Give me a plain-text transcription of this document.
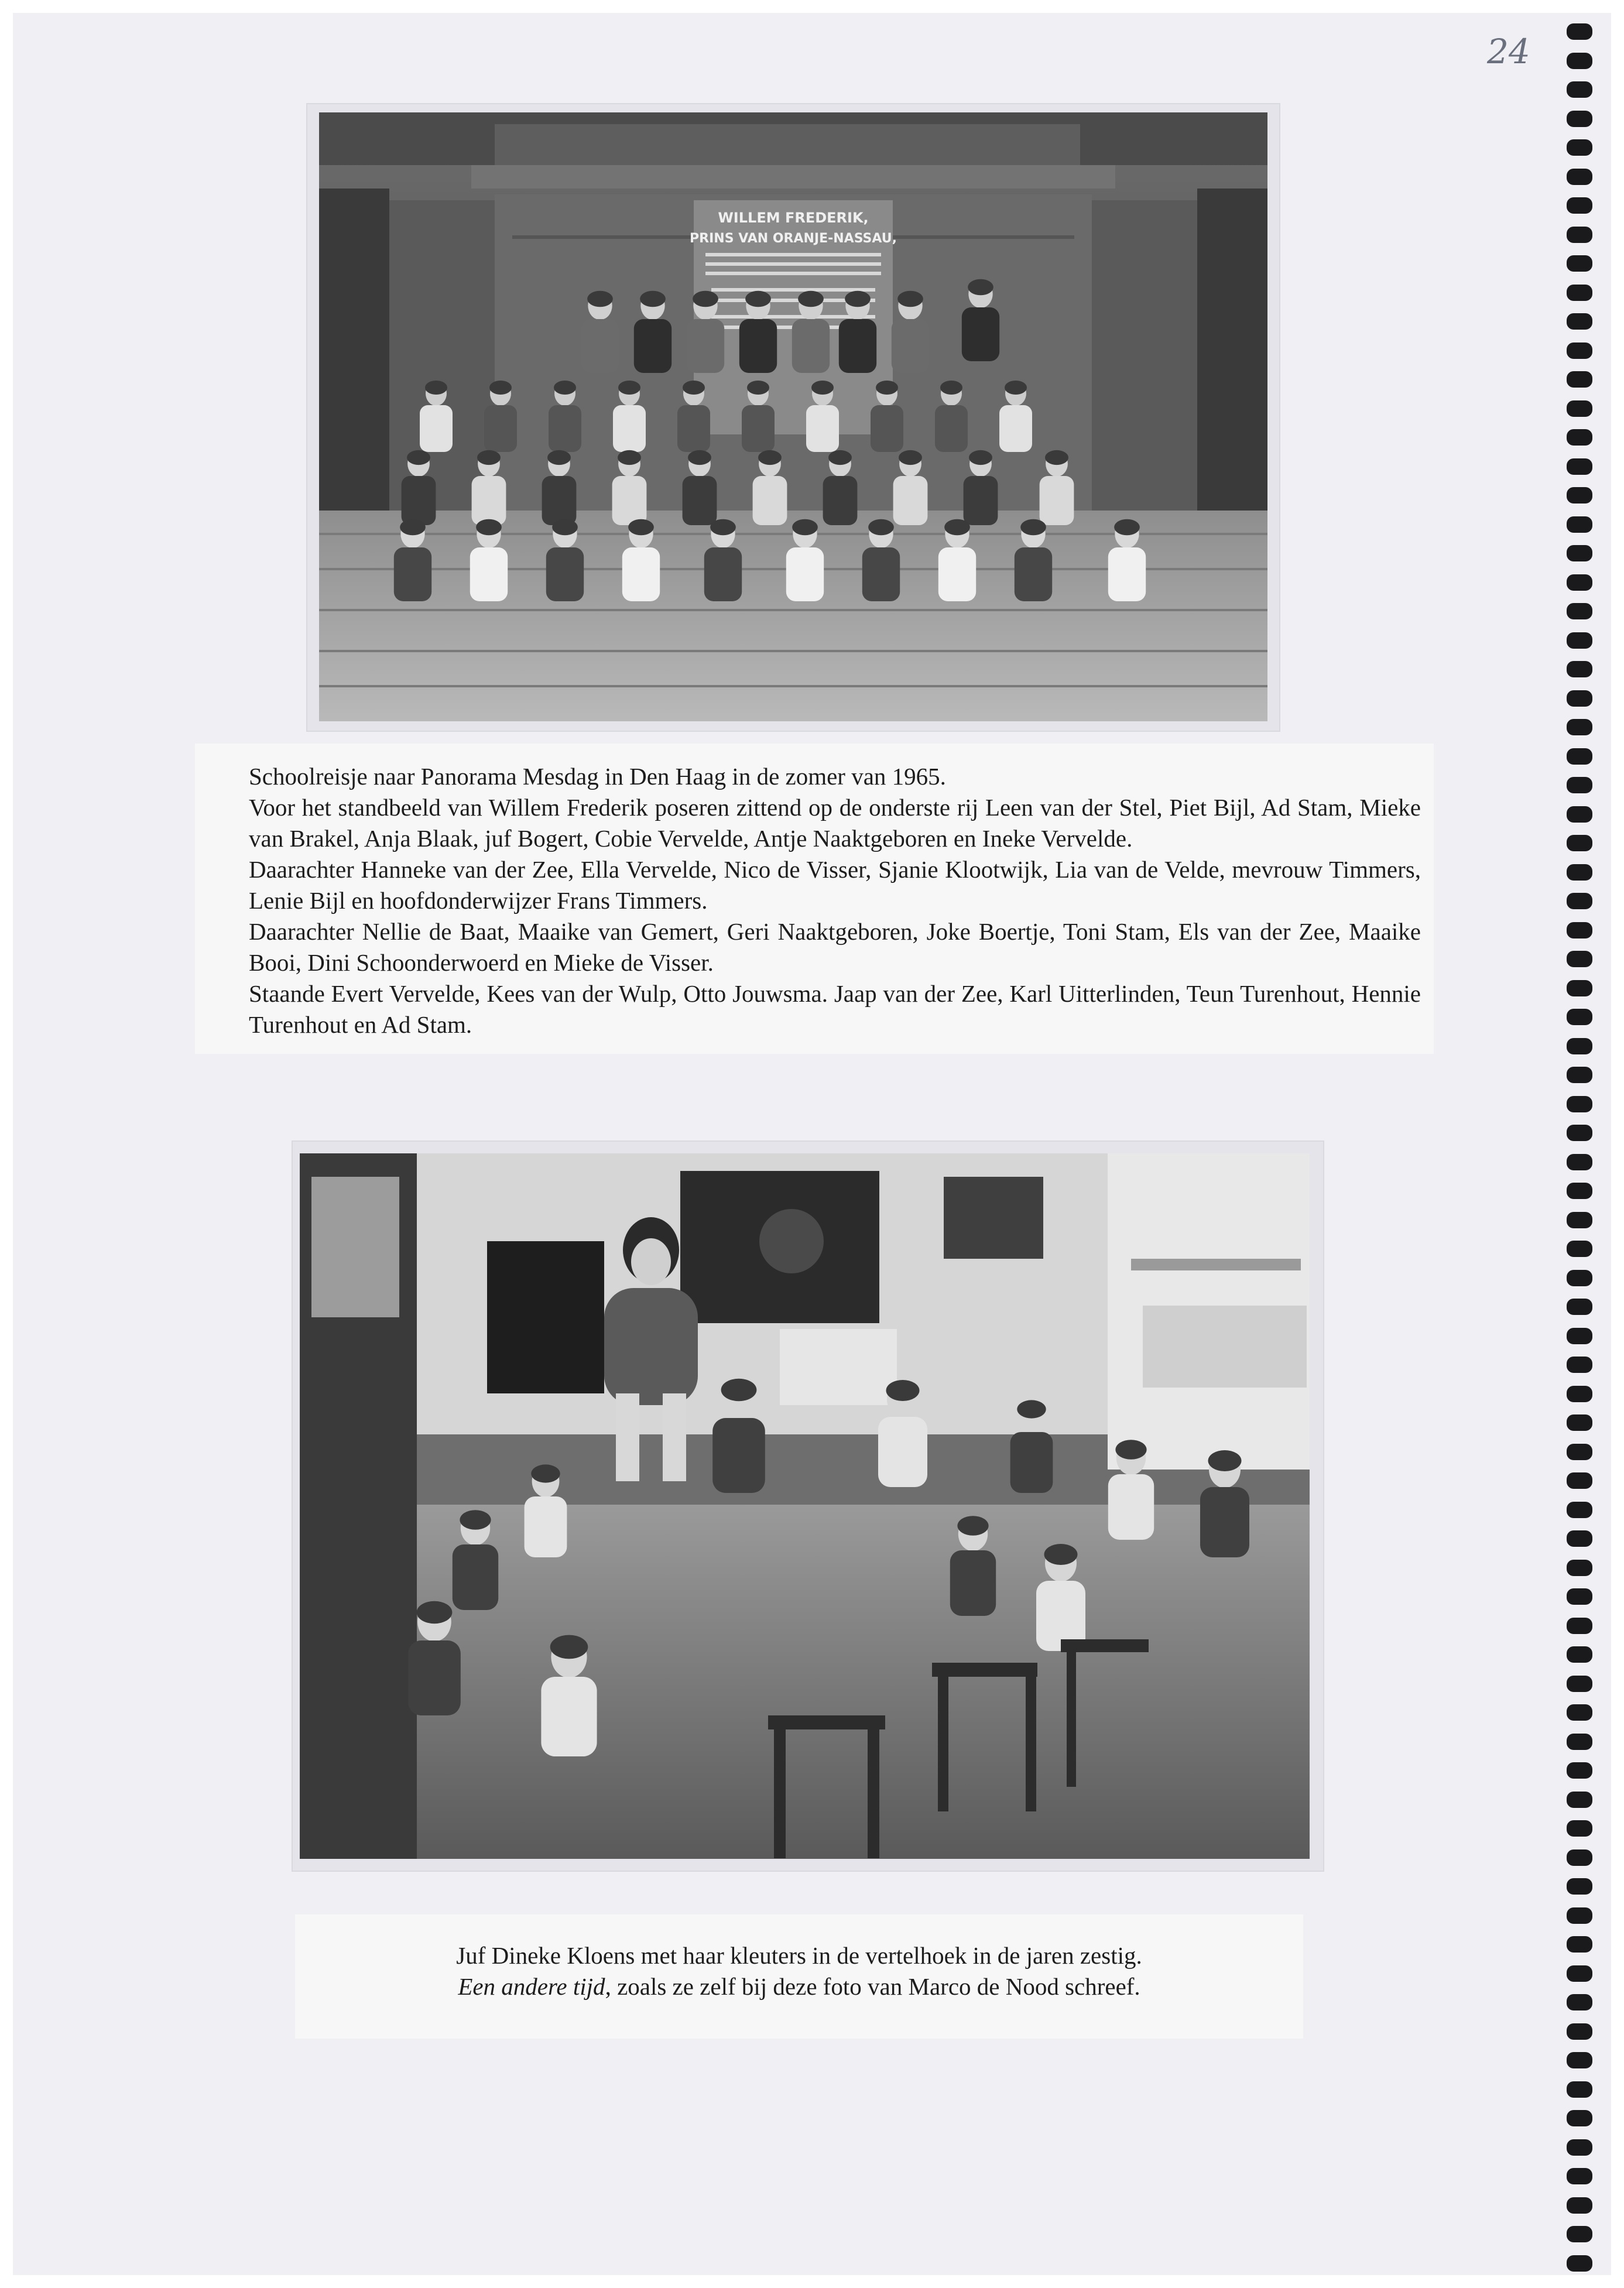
24
WILLEM FREDERIK,
PRINS VAN ORANJE-NASSAU,

Schoolreisje naar Panorama Mesdag in Den Haag in de zomer van 1965.

Voor het standbeeld van Willem Frederik poseren zittend op de onderste rij Leen van der Stel, Piet Bijl, Ad Stam, Mieke van Brakel, Anja Blaak, juf Bogert, Cobie Vervelde, Antje Naaktgeboren en Ineke Vervelde.

Daarachter Hanneke van der Zee, Ella Vervelde, Nico de Visser, Sjanie Klootwijk, Lia van de Velde, mevrouw Timmers, Lenie Bijl en hoofdonderwijzer Frans Timmers.

Daarachter Nellie de Baat, Maaike van Gemert, Geri Naaktgeboren, Joke Boertje, Toni Stam, Els van der Zee, Maaike Booi, Dini Schoonderwoerd en Mieke de Visser.

Staande Evert Vervelde, Kees van der Wulp, Otto Jouwsma. Jaap van der Zee, Karl Uitterlinden, Teun Turenhout, Hennie Turenhout en Ad Stam.

Juf Dineke Kloens met haar kleuters in de vertelhoek in de jaren zestig.

Een andere tijd, zoals ze zelf bij deze foto van Marco de Nood schreef.
